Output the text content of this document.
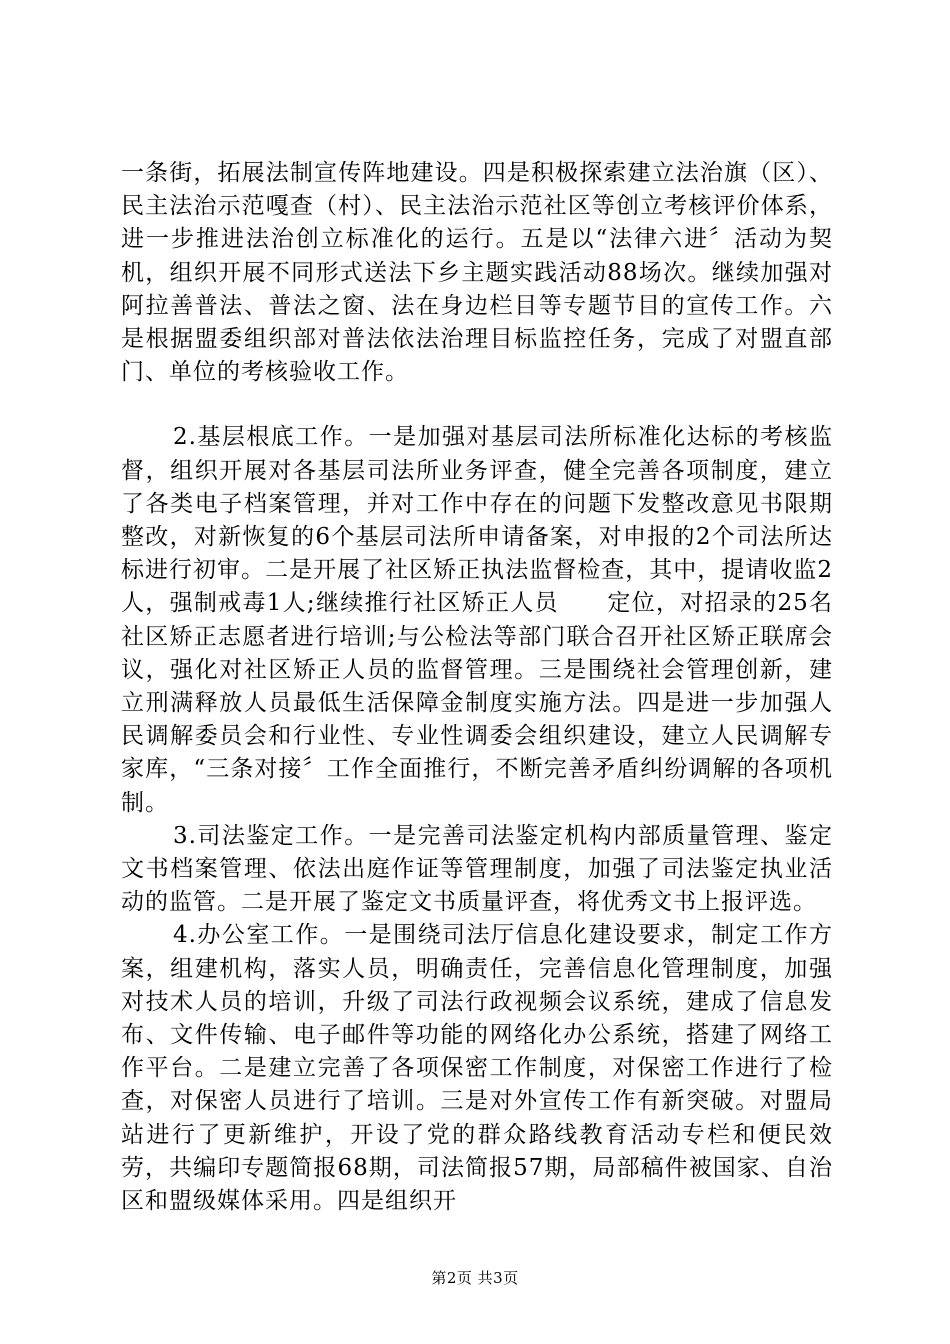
一条街，拓展法制宣传阵地建设。四是积极探索建立法治旗（区）、民主法治示范嘎查（村）、民主法治示范社区等创立考核评价体系，进一步推进法治创立标准化的运行。五是以“法律六进〞活动为契机，组织开展不同形式送法下乡主题实践活动88场次。继续加强对阿拉善普法、普法之窗、法在身边栏目等专题节目的宣传工作。六是根据盟委组织部对普法依法治理目标监控任务，完成了对盟直部门、单位的考核验收工作。

2.基层根底工作。一是加强对基层司法所标准化达标的考核监督，组织开展对各基层司法所业务评查，健全完善各项制度，建立了各类电子档案管理，并对工作中存在的问题下发整改意见书限期整改，对新恢复的6个基层司法所申请备案，对申报的2个司法所达标进行初审。二是开展了社区矫正执法监督检查，其中，提请收监2人，强制戒毒1人;继续推行社区矫正人员　　定位，对招录的25名社区矫正志愿者进行培训;与公检法等部门联合召开社区矫正联席会议，强化对社区矫正人员的监督管理。三是围绕社会管理创新，建立刑满释放人员最低生活保障金制度实施方法。四是进一步加强人民调解委员会和行业性、专业性调委会组织建设，建立人民调解专家库，“三条对接〞工作全面推行，不断完善矛盾纠纷调解的各项机制。

3.司法鉴定工作。一是完善司法鉴定机构内部质量管理、鉴定文书档案管理、依法出庭作证等管理制度，加强了司法鉴定执业活动的监管。二是开展了鉴定文书质量评查，将优秀文书上报评选。

4.办公室工作。一是围绕司法厅信息化建设要求，制定工作方案，组建机构，落实人员，明确责任，完善信息化管理制度，加强对技术人员的培训，升级了司法行政视频会议系统，建成了信息发布、文件传输、电子邮件等功能的网络化办公系统，搭建了网络工作平台。二是建立完善了各项保密工作制度，对保密工作进行了检查，对保密人员进行了培训。三是对外宣传工作有新突破。对盟局站进行了更新维护，开设了党的群众路线教育活动专栏和便民效劳，共编印专题简报68期，司法简报57期，局部稿件被国家、自治区和盟级媒体采用。四是组织开

第2页 共3页
